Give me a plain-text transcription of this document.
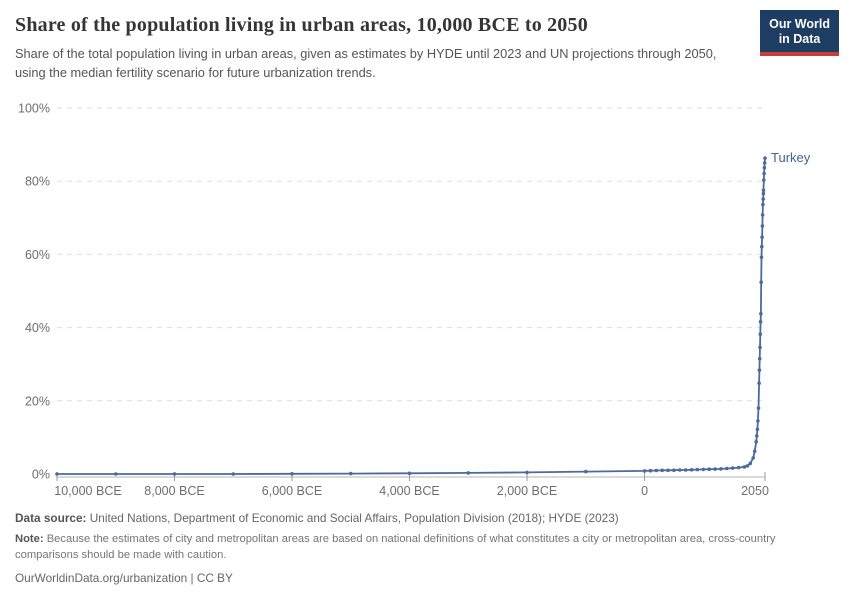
Share of the population living in urban areas, 10,000 BCE to 2050	Our World
in Data

Share of the total population living in urban areas, given as estimates by HYDE until 2023 and UN projections through 2050, using the median fertility scenario for future urbanization trends.

0%
20%
40%
60%
80%
100%
10,000 BCE 8,000 BCE	6,000 BCE	4,000 BCE	2,000 BCE	0	2050
Turkey

Data source: United Nations, Department of Economic and Social Affairs, Population Division (2018); HYDE (2023)

Note: Because the estimates of city and metropolitan areas are based on national definitions of what constitutes a city or metropolitan area, cross-country comparisons should be made with caution.

OurWorldinData.org/urbanization | CC BY
